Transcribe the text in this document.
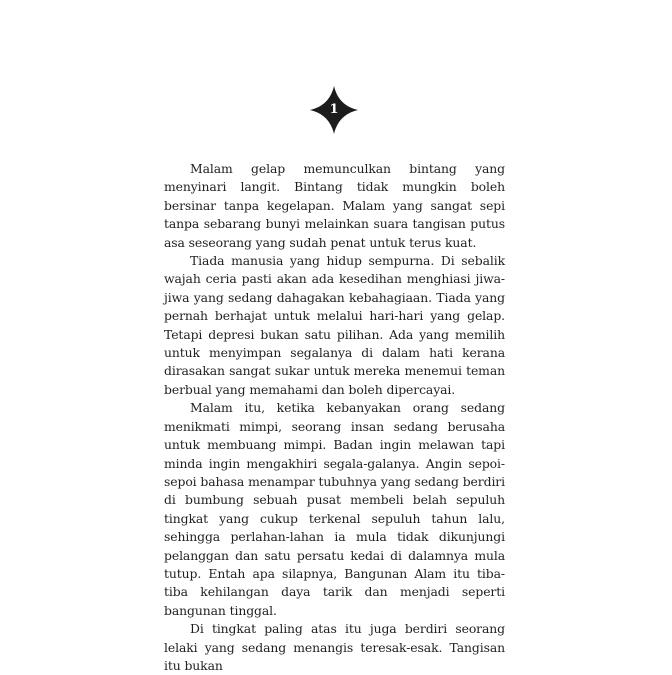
1

Malam gelap memunculkan bintang yang menyinari langit. Bintang tidak mungkin boleh bersinar tanpa kegelapan. Malam yang sangat sepi tanpa sebarang bunyi melainkan suara tangisan putus asa seseorang yang sudah penat untuk terus kuat.

Tiada manusia yang hidup sempurna. Di sebalik wajah ceria pasti akan ada kesedihan menghiasi jiwa-jiwa yang sedang dahagakan kebahagiaan. Tiada yang pernah berhajat untuk melalui hari-hari yang gelap. Tetapi depresi bukan satu pilihan. Ada yang memilih untuk menyimpan segalanya di dalam hati kerana dirasakan sangat sukar untuk mereka menemui teman berbual yang memahami dan boleh dipercayai.

Malam itu, ketika kebanyakan orang sedang menikmati mimpi, seorang insan sedang berusaha untuk membuang mimpi. Badan ingin melawan tapi minda ingin mengakhiri segala-galanya. Angin sepoi-sepoi bahasa menampar tubuhnya yang sedang berdiri di bumbung sebuah pusat membeli belah sepuluh tingkat yang cukup terkenal sepuluh tahun lalu, sehingga perlahan-lahan ia mula tidak dikunjungi pelanggan dan satu persatu kedai di dalamnya mula tutup. Entah apa silapnya, Bangunan Alam itu tiba-tiba kehilangan daya tarik dan menjadi seperti bangunan tinggal.

Di tingkat paling atas itu juga berdiri seorang lelaki yang sedang menangis teresak-esak. Tangisan itu bukan
